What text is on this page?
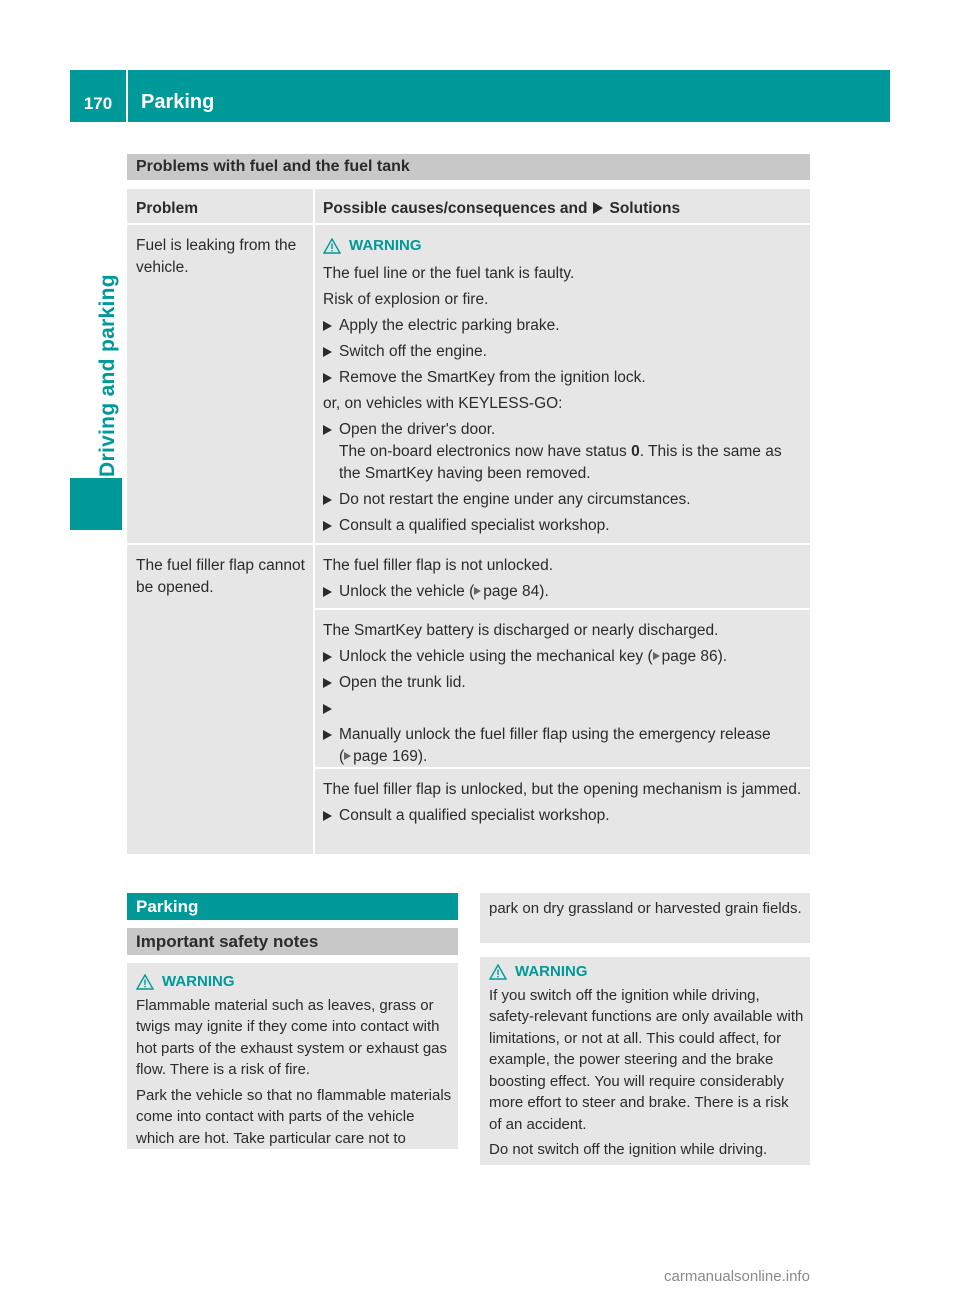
170	Parking
Driving and parking
Problems with fuel and the fuel tank
Problem	Possible causes/consequences and Solutions
Fuel is leaking from the vehicle.
WARNING

The fuel line or the fuel tank is faulty.

Risk of explosion or fire.

Apply the electric parking brake.
Switch off the engine.
Remove the SmartKey from the ignition lock.

or, on vehicles with KEYLESS-GO:

Open the driver's door.
The on-board electronics now have status 0. This is the same as the SmartKey having been removed.
Do not restart the engine under any circumstances.
Consult a qualified specialist workshop.
The fuel filler flap cannot be opened.

The fuel filler flap is not unlocked.

Unlock the vehicle ( page 84).

The SmartKey battery is discharged or nearly discharged.

Unlock the vehicle using the mechanical key ( page 86).
Open the trunk lid.
Manually unlock the fuel filler flap using the emergency release
( page 169).

The fuel filler flap is unlocked, but the opening mechanism is jammed.

Consult a qualified specialist workshop.
Parking
Important safety notes
WARNING

Flammable material such as leaves, grass or twigs may ignite if they come into contact with hot parts of the exhaust system or exhaust gas flow. There is a risk of fire.

Park the vehicle so that no flammable materials come into contact with parts of the vehicle which are hot. Take particular care not to

park on dry grassland or harvested grain fields.

WARNING

If you switch off the ignition while driving, safety-relevant functions are only available with limitations, or not at all. This could affect, for example, the power steering and the brake boosting effect. You will require considerably more effort to steer and brake. There is a risk of an accident.

Do not switch off the ignition while driving.

carmanualsonline.info
